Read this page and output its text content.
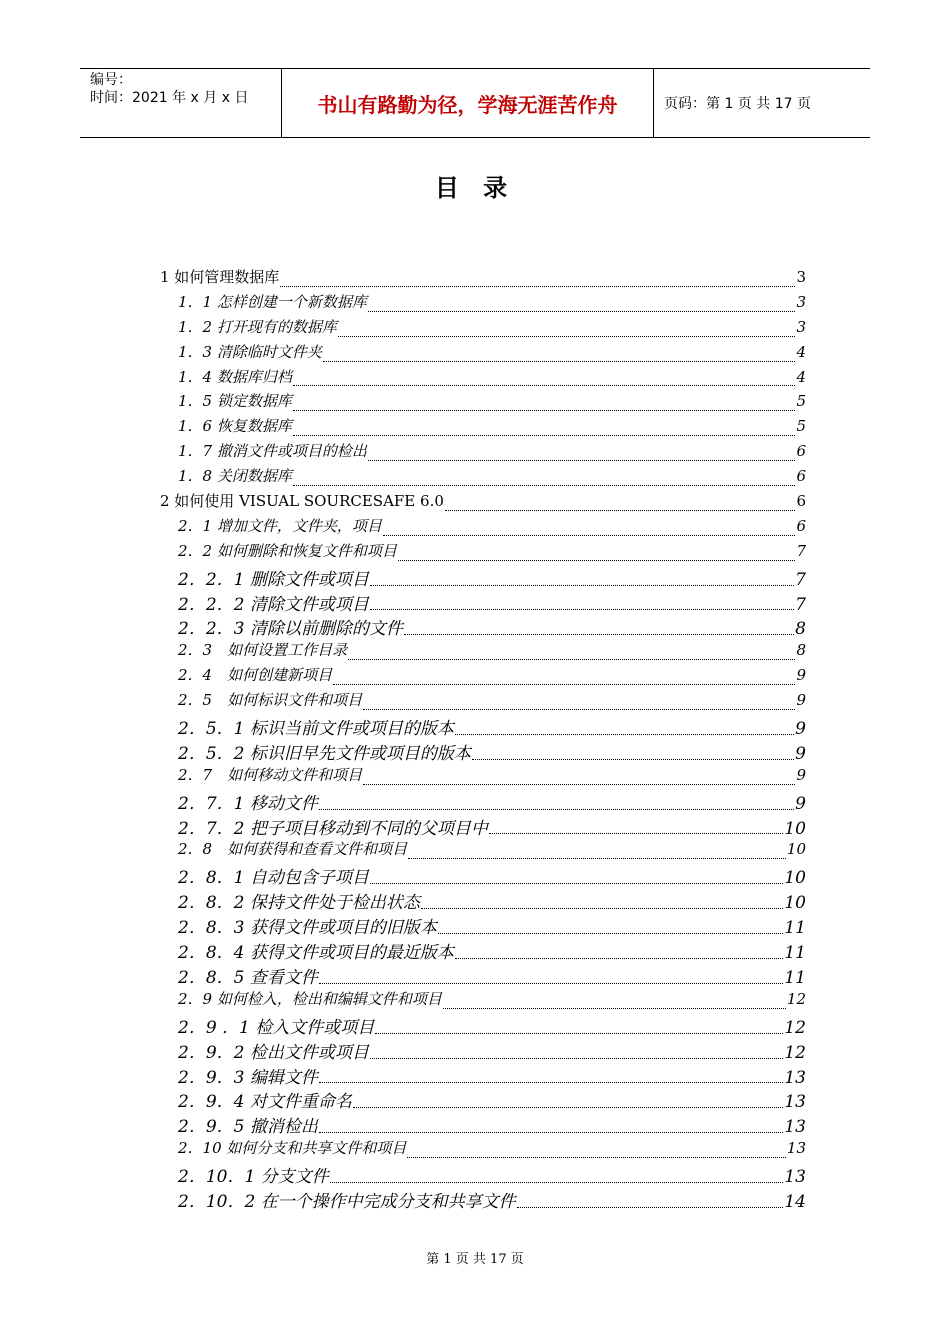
编号：
时间：2021 年 x 月 x 日	书山有路勤为径，学海无涯苦作舟	页码：第 1 页 共 17 页
目 录
1 如何管理数据库	3
1．1 怎样创建一个新数据库	3
1．2 打开现有的数据库	3
1．3 清除临时文件夹	4
1．4 数据库归档	4
1．5 锁定数据库	5
1．6 恢复数据库	5
1．7 撤消文件或项目的检出	6
1．8 关闭数据库	6
2 如何使用 VISUAL SOURCESAFE 6.0	6
2．1 增加文件，文件夹，项目	6
2．2 如何删除和恢复文件和项目	7
2．2．1 删除文件或项目	7
2．2．2 清除文件或项目	7
2．2．3 清除以前删除的文件	8
2．3　如何设置工作目录	8
2．4　如何创建新项目	9
2．5　如何标识文件和项目	9
2．5．1 标识当前文件或项目的版本	9
2．5．2 标识旧早先文件或项目的版本	9
2．7　如何移动文件和项目	9
2．7．1 移动文件	9
2．7．2 把子项目移动到不同的父项目中	10
2．8　如何获得和查看文件和项目	10
2．8．1 自动包含子项目	10
2．8．2 保持文件处于检出状态	10
2．8．3 获得文件或项目的旧版本	11
2．8．4 获得文件或项目的最近版本	11
2．8．5 查看文件	11
2．9 如何检入，检出和编辑文件和项目	12
2．9 ．1 检入文件或项目	12
2．9．2 检出文件或项目	12
2．9．3 编辑文件	13
2．9．4 对文件重命名	13
2．9．5 撤消检出	13
2．10 如何分支和共享文件和项目	13
2．10．1 分支文件	13
2．10．2 在一个操作中完成分支和共享文件	14
第 1 页 共 17 页
